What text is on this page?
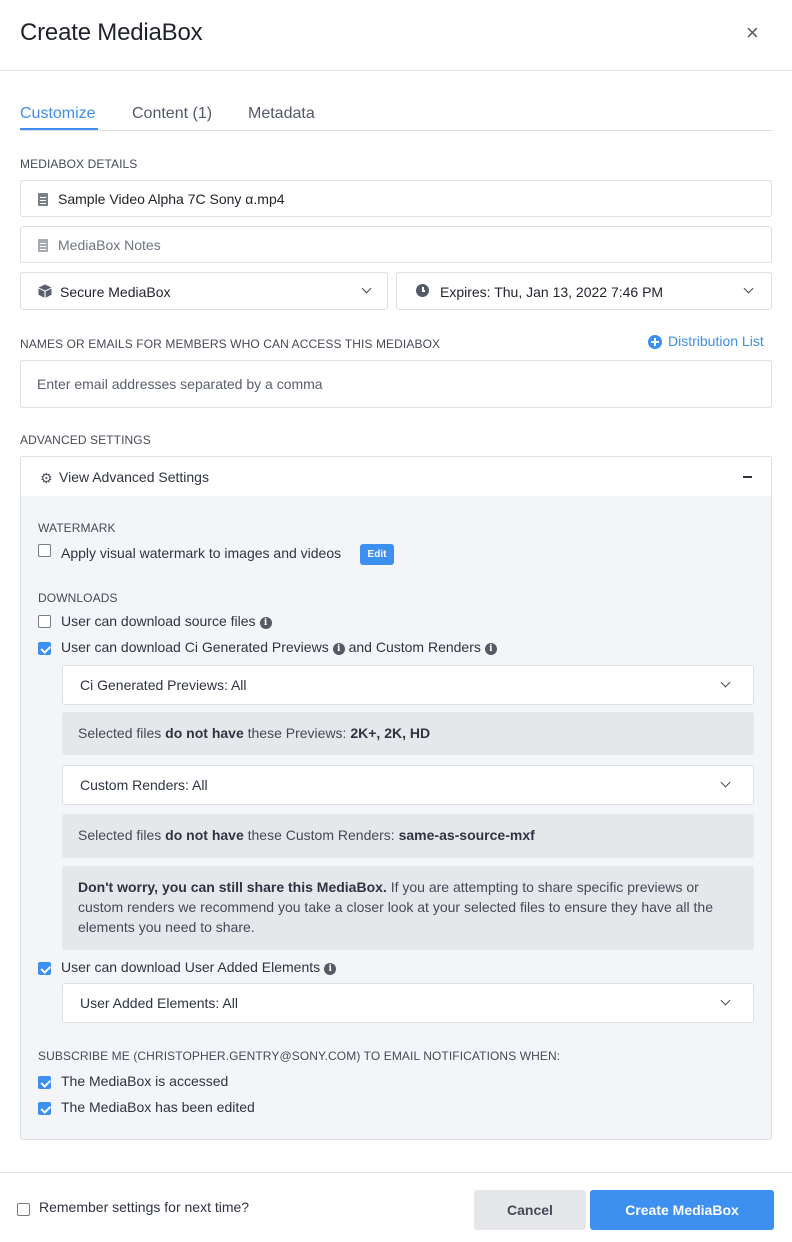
Create MediaBox	×
Customize Content (1) Metadata
MEDIABOX DETAILS
Sample Video Alpha 7C Sony α.mp4
MediaBox Notes
Secure MediaBox	Expires: Thu, Jan 13, 2022 7:46 PM
NAMES OR EMAILS FOR MEMBERS WHO CAN ACCESS THIS MEDIABOX	Distribution List
Enter email addresses separated by a comma
ADVANCED SETTINGS
⚙ View Advanced Settings
WATERMARK
Apply visual watermark to images and videos	Edit
DOWNLOADS
User can download source files i
User can download Ci Generated Previews i and Custom Renders i
Ci Generated Previews: All
Selected files do not have these Previews: 2K+, 2K, HD
Custom Renders: All
Selected files do not have these Custom Renders: same-as-source-mxf
Don't worry, you can still share this MediaBox. If you are attempting to share specific previews or custom renders we recommend you take a closer look at your selected files to ensure they have all the elements you need to share.
User can download User Added Elements i
User Added Elements: All
SUBSCRIBE ME (CHRISTOPHER.GENTRY@SONY.COM) TO EMAIL NOTIFICATIONS WHEN:
The MediaBox is accessed
The MediaBox has been edited
Remember settings for next time?	Cancel	Create MediaBox
